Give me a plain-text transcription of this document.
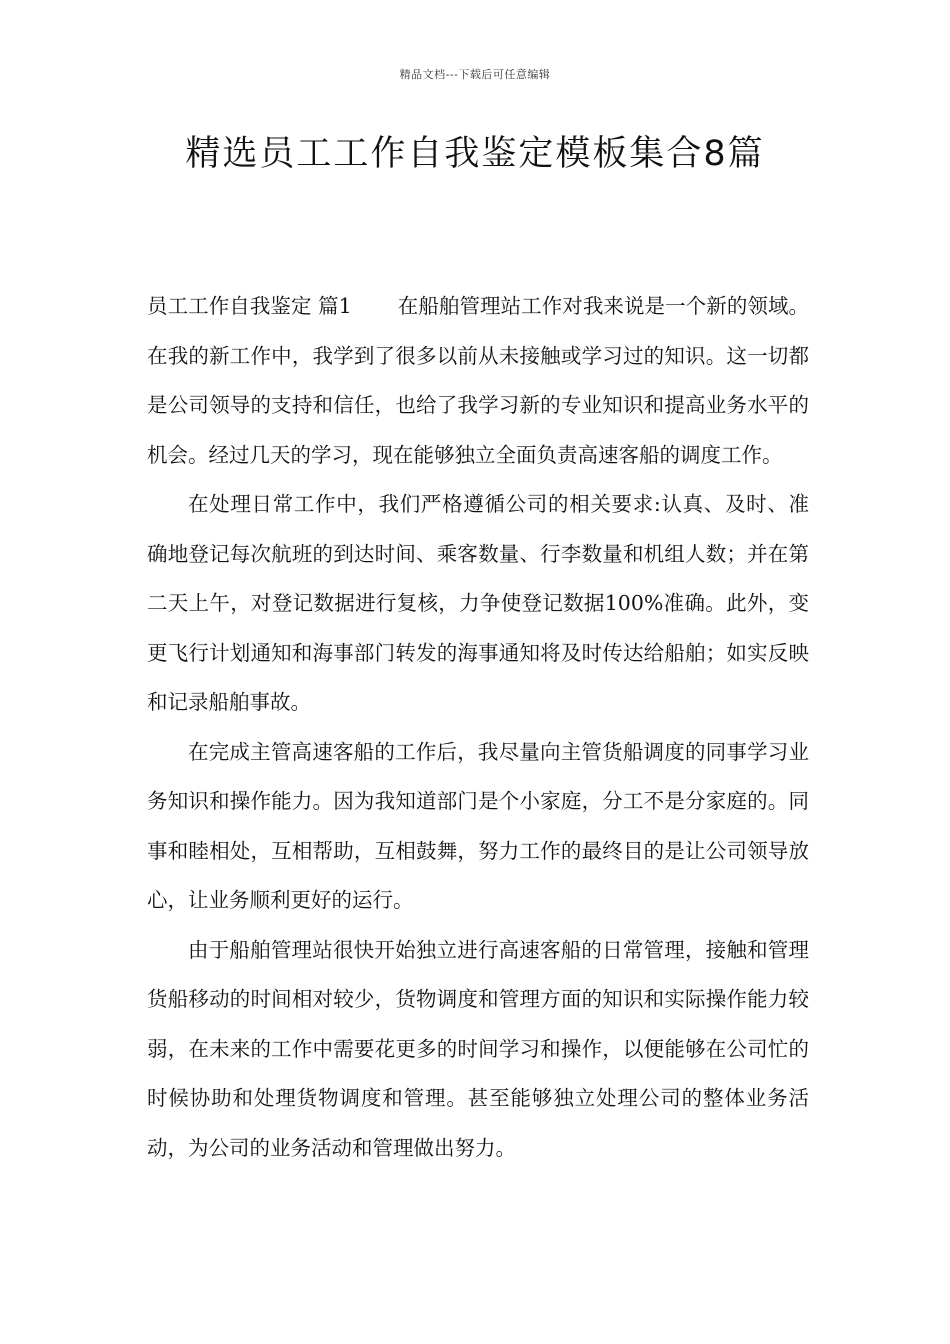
精品文档---下载后可任意编辑
精选员工工作自我鉴定模板集合8篇

员工工作自我鉴定 篇1 在船舶管理站工作对我来说是一个新的领域。在我的新工作中，我学到了很多以前从未接触或学习过的知识。这一切都是公司领导的支持和信任，也给了我学习新的专业知识和提高业务水平的机会。经过几天的学习，现在能够独立全面负责高速客船的调度工作。

在处理日常工作中，我们严格遵循公司的相关要求:认真、及时、准确地登记每次航班的到达时间、乘客数量、行李数量和机组人数；并在第二天上午，对登记数据进行复核，力争使登记数据100%准确。此外，变更飞行计划通知和海事部门转发的海事通知将及时传达给船舶；如实反映和记录船舶事故。

在完成主管高速客船的工作后，我尽量向主管货船调度的同事学习业务知识和操作能力。因为我知道部门是个小家庭，分工不是分家庭的。同事和睦相处，互相帮助，互相鼓舞，努力工作的最终目的是让公司领导放心，让业务顺利更好的运行。

由于船舶管理站很快开始独立进行高速客船的日常管理，接触和管理货船移动的时间相对较少，货物调度和管理方面的知识和实际操作能力较弱，在未来的工作中需要花更多的时间学习和操作，以便能够在公司忙的时候协助和处理货物调度和管理。甚至能够独立处理公司的整体业务活动，为公司的业务活动和管理做出努力。
